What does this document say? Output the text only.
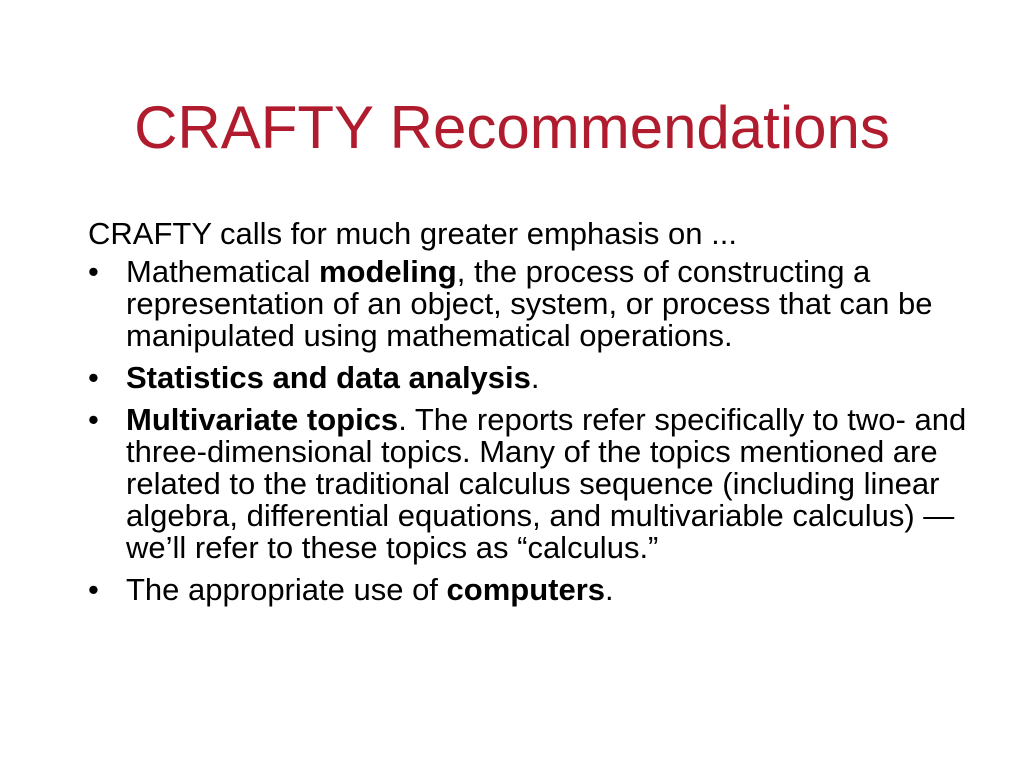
CRAFTY Recommendations

CRAFTY calls for much greater emphasis on ...

• Mathematical modeling, the process of constructing a representation of an object, system, or process that can be manipulated using mathematical operations.
• Statistics and data analysis.
• Multivariate topics. The reports refer specifically to two- and three-dimensional topics. Many of the topics mentioned are related to the traditional calculus sequence (including linear algebra, differential equations, and multivariable calculus) — we’ll refer to these topics as “calculus.”
• The appropriate use of computers.
